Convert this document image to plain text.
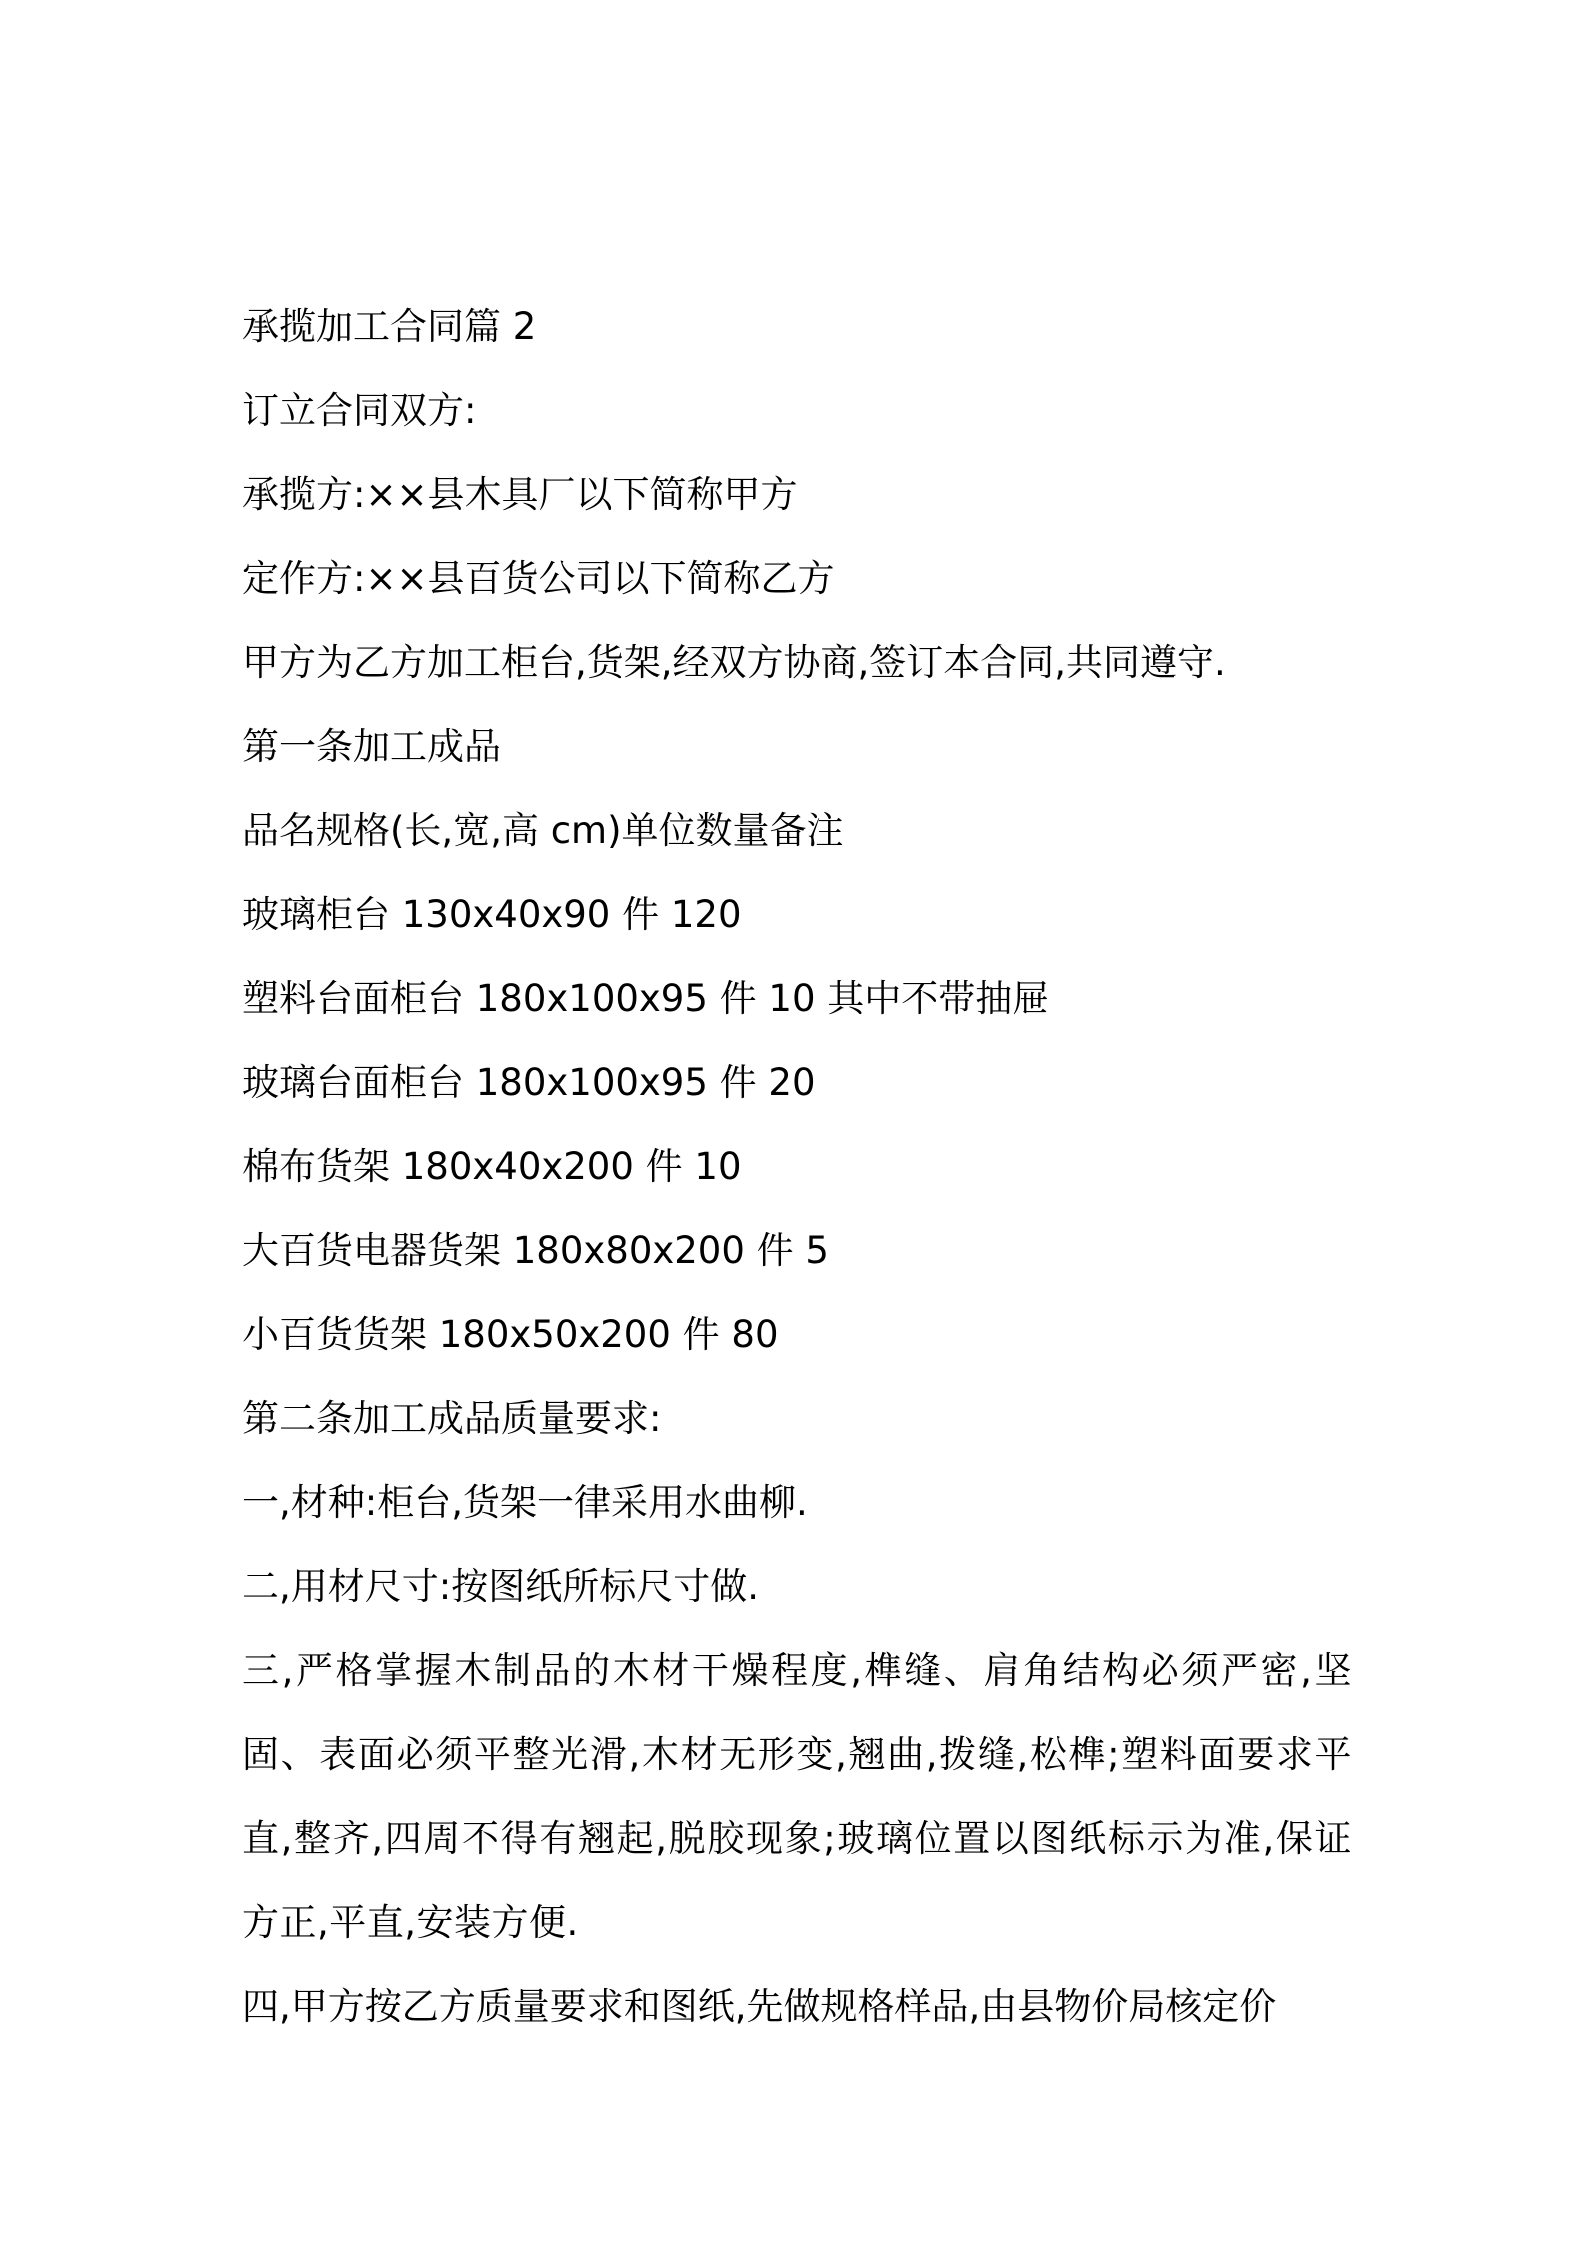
承揽加工合同篇 2

订立合同双方:

承揽方:××县木具厂以下简称甲方

定作方:××县百货公司以下简称乙方

甲方为乙方加工柜台,货架,经双方协商,签订本合同,共同遵守.

第一条加工成品

品名规格(长,宽,高 cm)单位数量备注

玻璃柜台 130x40x90 件 120

塑料台面柜台 180x100x95 件 10 其中不带抽屉

玻璃台面柜台 180x100x95 件 20

棉布货架 180x40x200 件 10

大百货电器货架 180x80x200 件 5

小百货货架 180x50x200 件 80

第二条加工成品质量要求:

一,材种:柜台,货架一律采用水曲柳.

二,用材尺寸:按图纸所标尺寸做.

三,严格掌握木制品的木材干燥程度,榫缝、肩角结构必须严密,坚固、表面必须平整光滑,木材无形变,翘曲,拨缝,松榫;塑料面要求平直,整齐,四周不得有翘起,脱胶现象;玻璃位置以图纸标示为准,保证方正,平直,安装方便.

四,甲方按乙方质量要求和图纸,先做规格样品,由县物价局核定价
